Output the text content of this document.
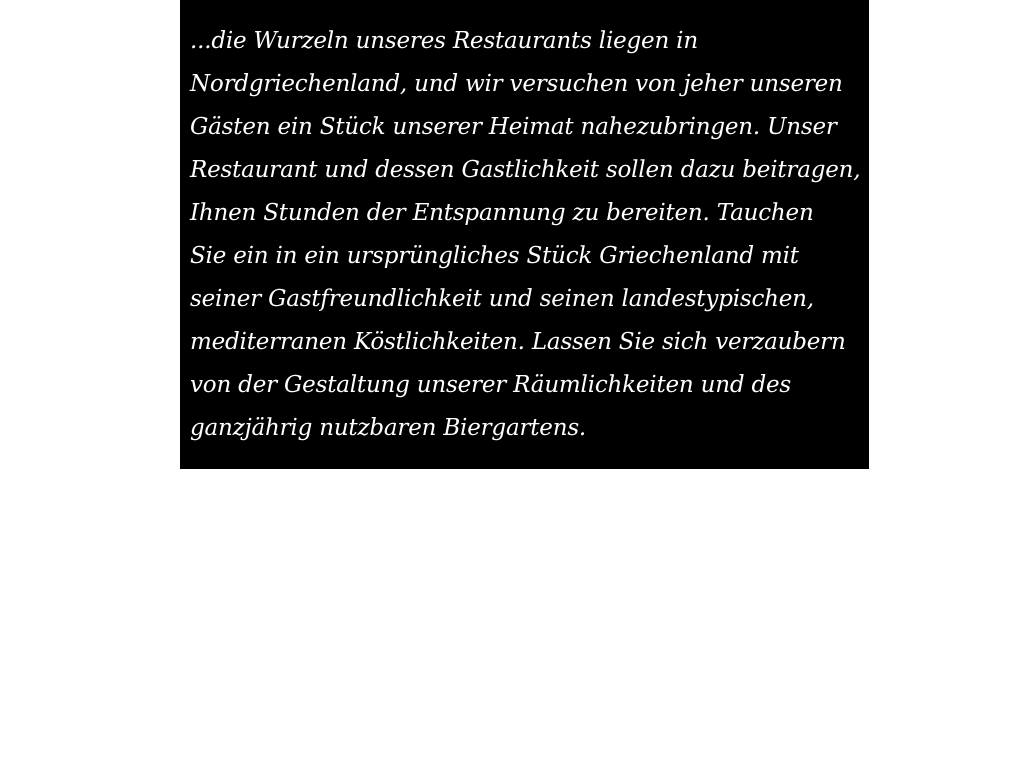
...die Wurzeln unseres Restaurants liegen in
Nordgriechenland, und wir versuchen von jeher unseren
Gästen ein Stück unserer Heimat nahezubringen. Unser
Restaurant und dessen Gastlichkeit sollen dazu beitragen,
Ihnen Stunden der Entspannung zu bereiten. Tauchen
Sie ein in ein ursprüngliches Stück Griechenland mit
seiner Gastfreundlichkeit und seinen landestypischen,
mediterranen Köstlichkeiten. Lassen Sie sich verzaubern
von der Gestaltung unserer Räumlichkeiten und des
ganzjährig nutzbaren Biergartens.
